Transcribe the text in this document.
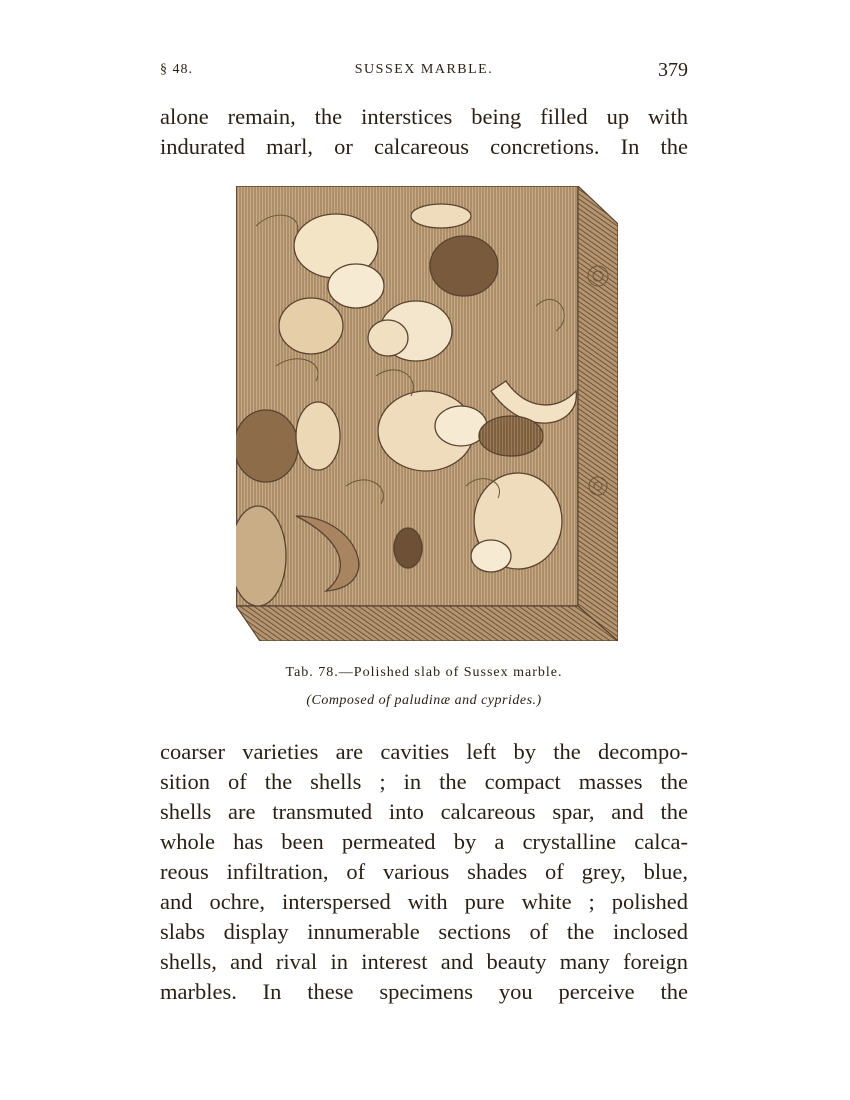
§ 48.	SUSSEX MARBLE.	379
alone remain, the interstices being filled up with
indurated marl, or calcareous concretions. In the
Tab. 78.—Polished slab of Sussex marble.
(Composed of paludinæ and cyprides.)
coarser varieties are cavities left by the decompo-
sition of the shells ; in the compact masses the
shells are transmuted into calcareous spar, and the
whole has been permeated by a crystalline calca-
reous infiltration, of various shades of grey, blue,
and ochre, interspersed with pure white ; polished
slabs display innumerable sections of the inclosed
shells, and rival in interest and beauty many foreign
marbles. In these specimens you perceive the
